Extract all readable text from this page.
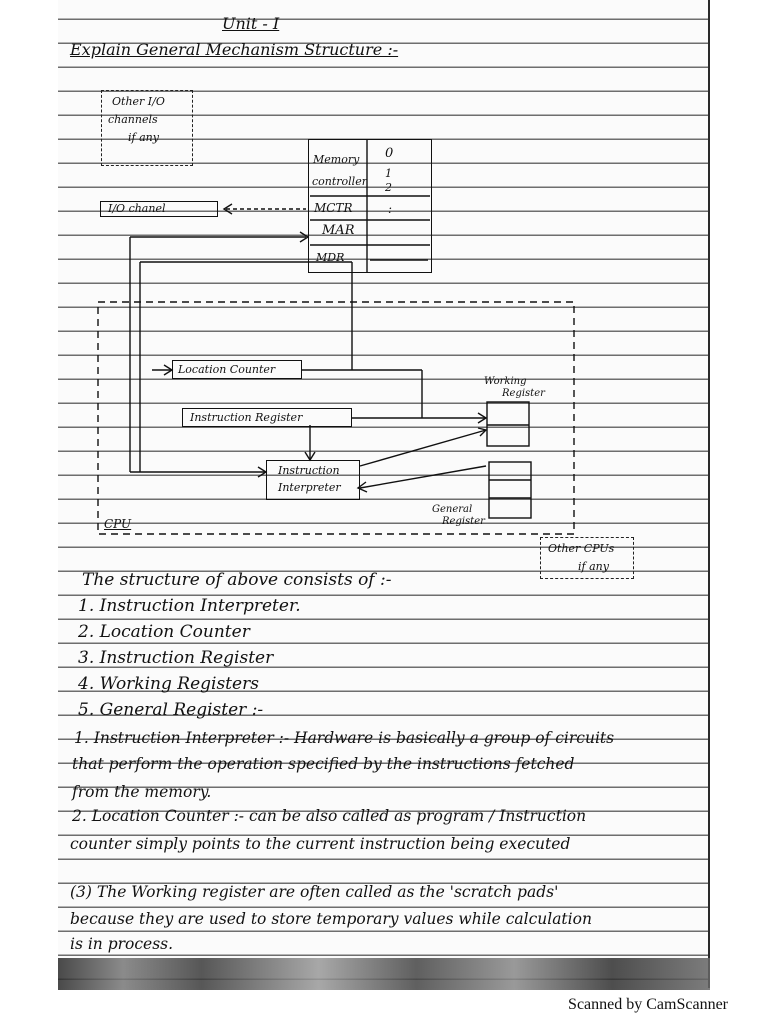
Unit - I
Explain General Mechanism Structure :-
Other I/O
channels
if any
Memory
controller
0
1
2
:
MCTR
MAR
MDR
I/O chanel
Location Counter
Instruction Register
Instruction
Interpreter
Working
Register
General
Register
CPU
Other CPUs
if any
The structure of above consists of :-
1. Instruction Interpreter.
2. Location Counter
3. Instruction Register
4. Working Registers
5. General Register :-
1. Instruction Interpreter :- Hardware is basically a group of circuits
that perform the operation specified by the instructions fetched
from the memory.
2. Location Counter :- can be also called as program / Instruction
counter simply points to the current instruction being executed
(3) The Working register are often called as the 'scratch pads'
because they are used to store temporary values while calculation
is in process.
Scanned by CamScanner
